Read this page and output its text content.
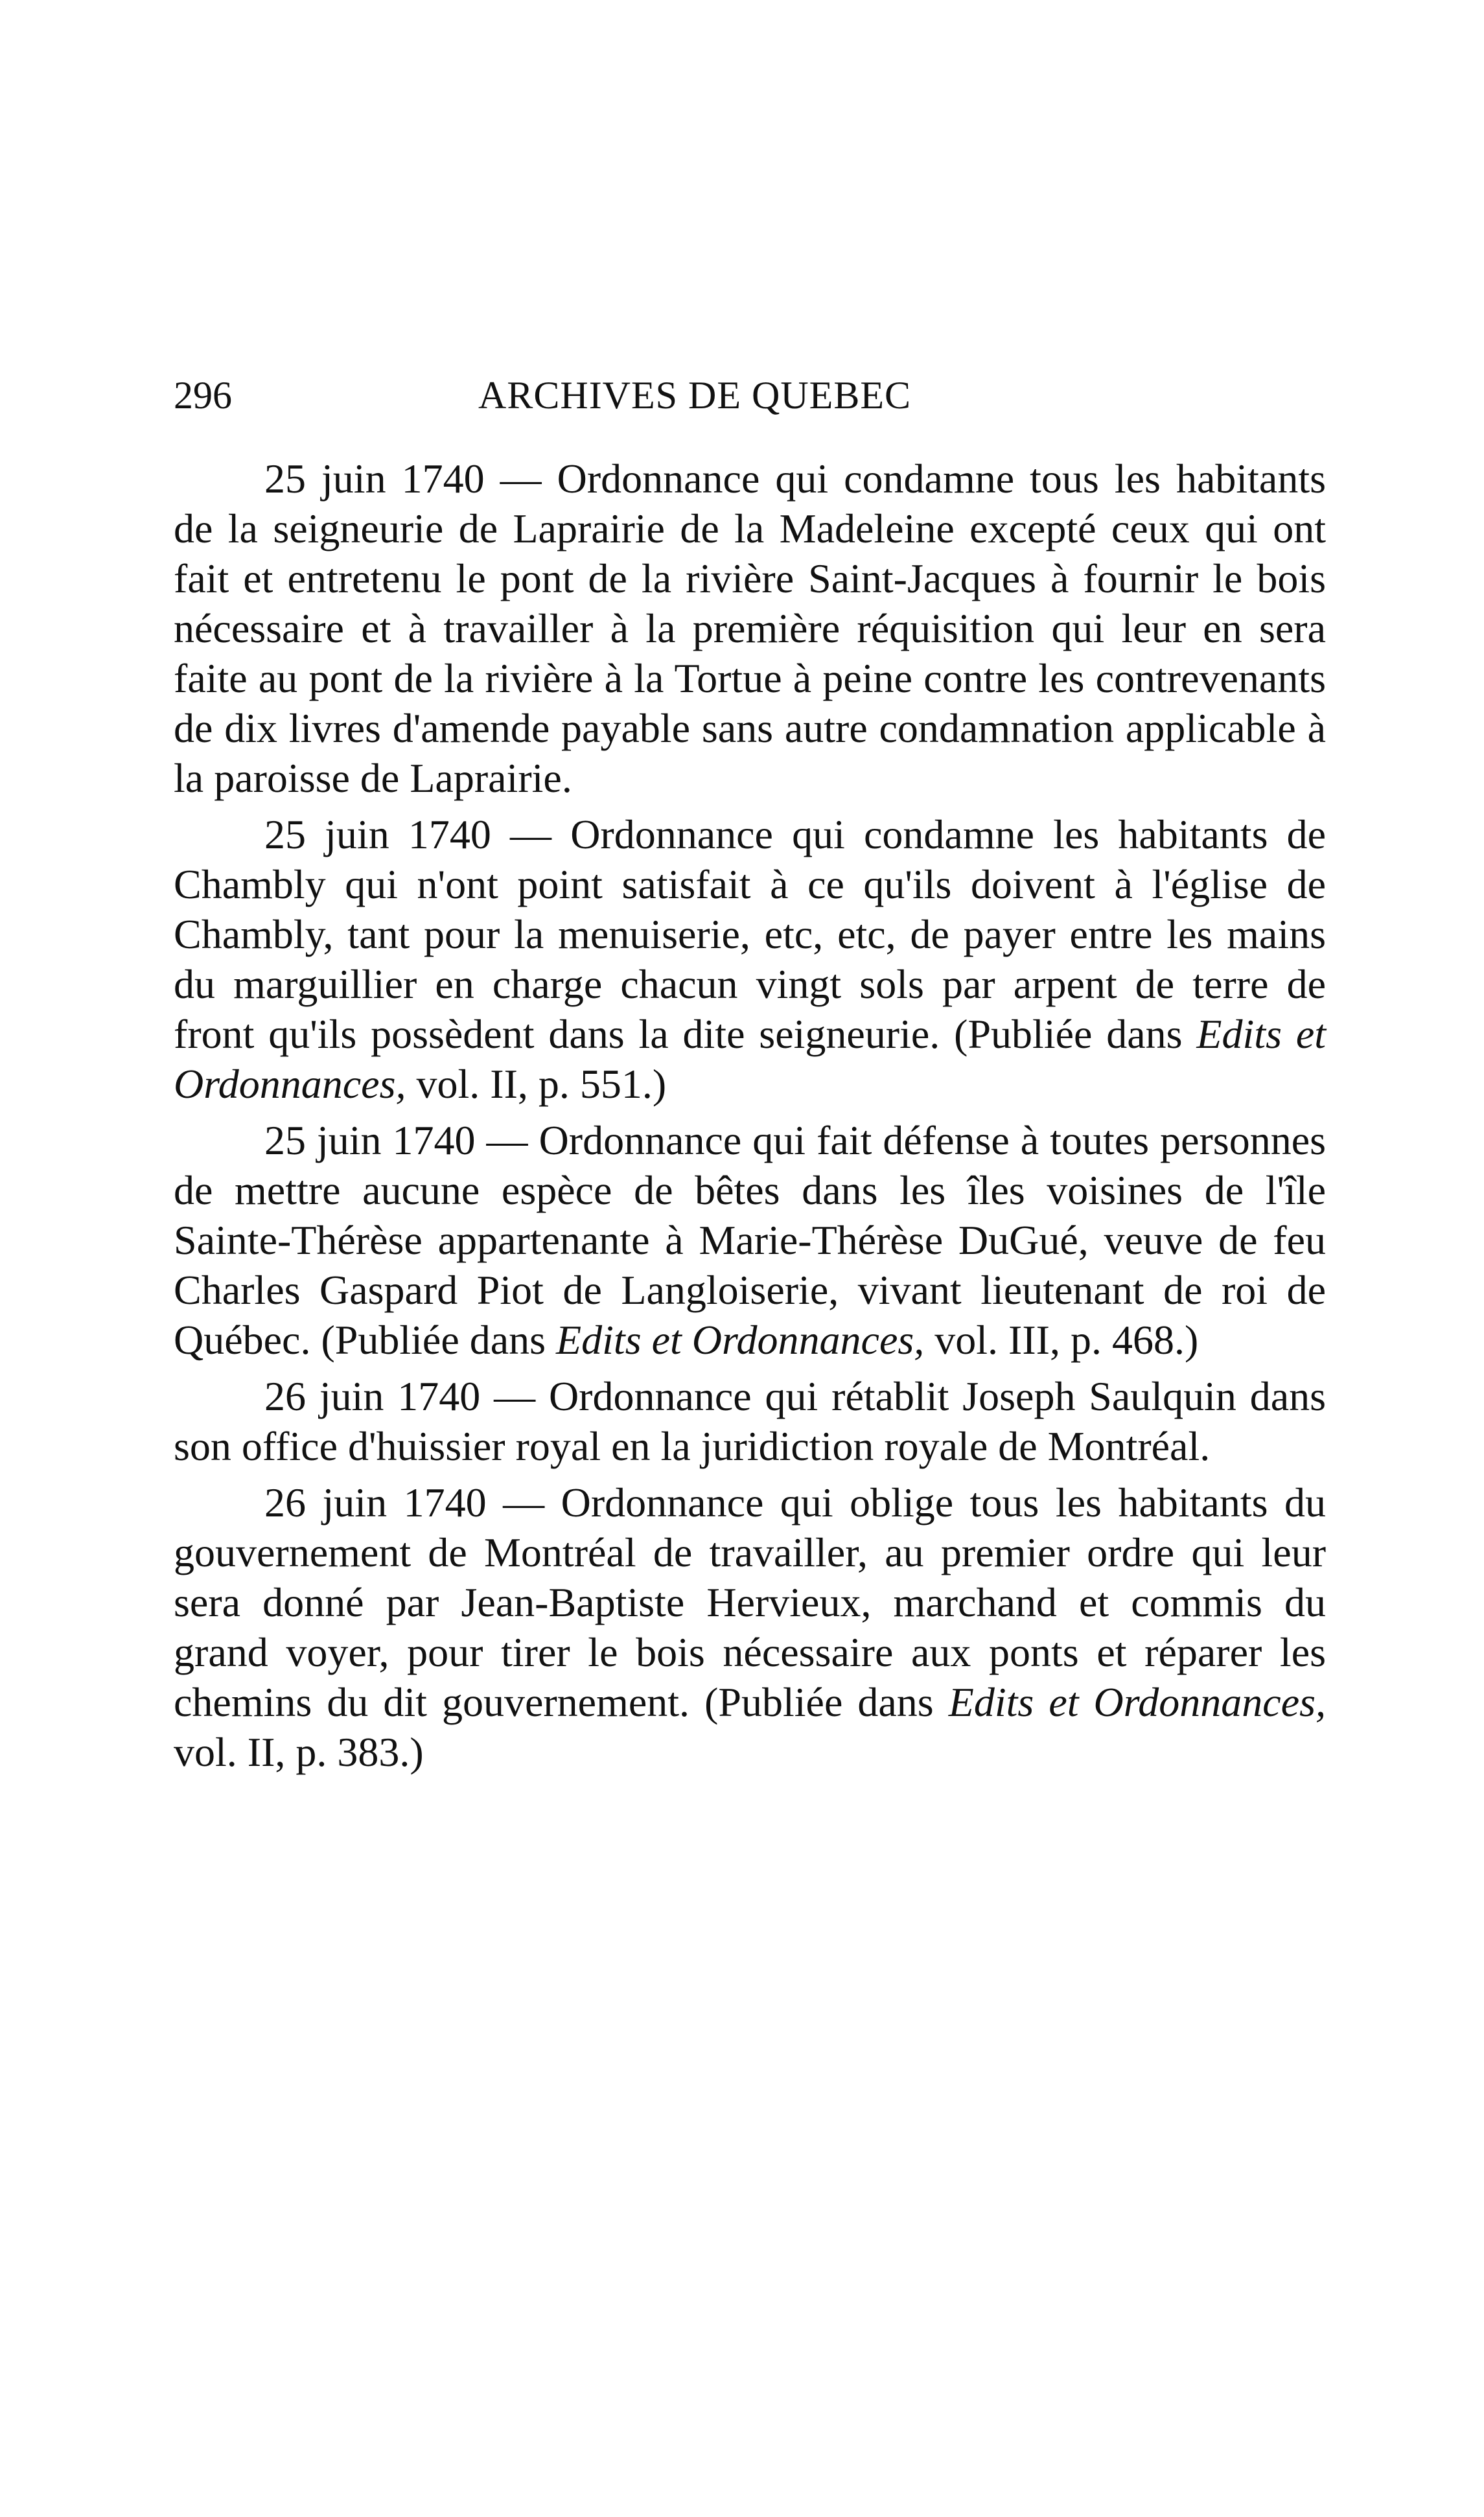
296	ARCHIVES DE QUEBEC

25 juin 1740 — Ordonnance qui condamne tous les habitants de la seigneurie de Laprairie de la Madeleine excepté ceux qui ont fait et entretenu le pont de la rivière Saint-Jacques à fournir le bois nécessaire et à travailler à la première réquisition qui leur en sera faite au pont de la rivière à la Tortue à peine contre les contrevenants de dix livres d'amende payable sans autre condamnation applicable à la paroisse de Laprairie.

25 juin 1740 — Ordonnance qui condamne les habitants de Chambly qui n'ont point satisfait à ce qu'ils doivent à l'église de Chambly, tant pour la menuiserie, etc, etc, de payer entre les mains du marguillier en charge chacun vingt sols par arpent de terre de front qu'ils possèdent dans la dite seigneurie. (Publiée dans Edits et Ordonnances, vol. II, p. 551.)

25 juin 1740 — Ordonnance qui fait défense à toutes personnes de mettre aucune espèce de bêtes dans les îles voisines de l'île Sainte-Thérèse appartenante à Marie-Thérèse DuGué, veuve de feu Charles Gaspard Piot de Langloiserie, vivant lieutenant de roi de Québec. (Publiée dans Edits et Ordonnances, vol. III, p. 468.)

26 juin 1740 — Ordonnance qui rétablit Joseph Saulquin dans son office d'huissier royal en la juridiction royale de Montréal.

26 juin 1740 — Ordonnance qui oblige tous les habitants du gouvernement de Montréal de travailler, au premier ordre qui leur sera donné par Jean-Baptiste Hervieux, marchand et commis du grand voyer, pour tirer le bois nécessaire aux ponts et réparer les chemins du dit gouvernement. (Publiée dans Edits et Ordonnances, vol. II, p. 383.)
